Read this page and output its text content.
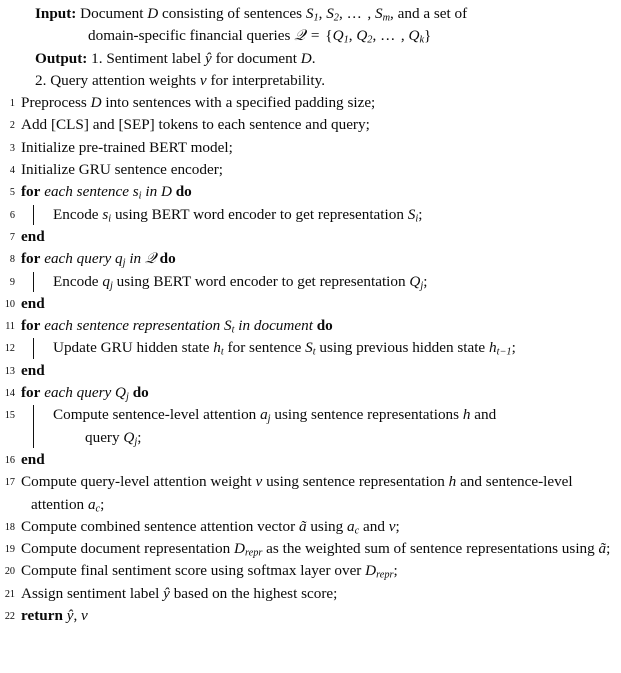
Input: Document D consisting of sentences $S_1$, $S_2$, … , $S_m$, and a set of
domain-specific financial queries 𝒬 = {$Q_1$, $Q_2$, … , $Q_k$}
Output: 1. Sentiment label ŷ for document D.
2. Query attention weights v for interpretability.
1 Preprocess D into sentences with a specified padding size;
2 Add [CLS] and [SEP] tokens to each sentence and query;
3 Initialize pre-trained BERT model;
4 Initialize GRU sentence encoder;
5 for each sentence $s_i$ in D do
6	Encode $s_i$ using BERT word encoder to get representation $S_i$;
7 end
8 for each query $q_j$ in 𝒬 do
9	Encode $q_j$ using BERT word encoder to get representation $Q_j$;
10 end
11 for each sentence representation $S_t$ in document do
12	Update GRU hidden state $h_t$ for sentence $S_t$ using previous hidden state $h_{t-1}$;
13 end
14 for each query $Q_j$ do
15	Compute sentence-level attention $a_j$ using sentence representations h and
query $Q_j$;
16 end
17 Compute query-level attention weight v using sentence representation h and sentence-level attention $a_c$;
18 Compute combined sentence attention vector ã using $a_c$ and v;
19 Compute document representation $D_{repr}$ as the weighted sum of sentence representations using ã;
20 Compute final sentiment score using softmax layer over $D_{repr}$;
21 Assign sentiment label ŷ based on the highest score;
22 return ŷ, v
